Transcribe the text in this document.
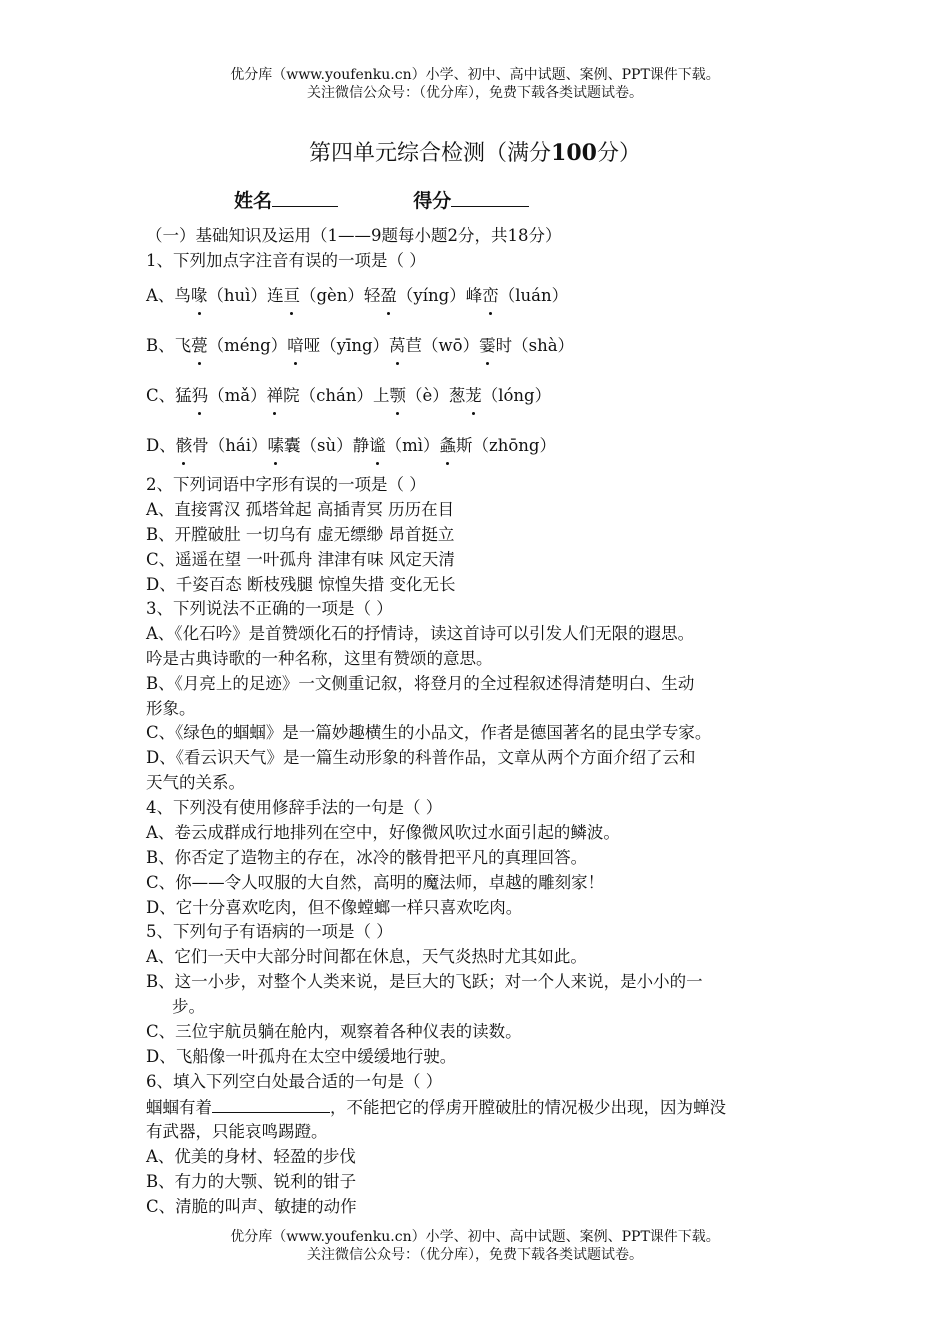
优分库（www.youfenku.cn）小学、初中、高中试题、案例、PPT课件下载。
关注微信公众号：（优分库），免费下载各类试题试卷。
第四单元综合检测（满分100分）
姓名	得分
（一）基础知识及运用（1——9题每小题2分，共18分）
1、下列加点字注音有误的一项是（ ）
A、鸟喙（huì）连亘（gèn）轻盈（yíng）峰峦（luán）
B、飞甍（méng）喑哑（yīng）莴苣（wō）霎时（shà）
C、猛犸（mǎ）禅院（chán）上颚（è）葱茏（lóng）
D、骸骨（hái）嗉囊（sù）静谧（mì）螽斯（zhōng）
2、下列词语中字形有误的一项是（ ）
A、直接霄汉 孤塔耸起 高插青冥 历历在目
B、开膛破肚 一切乌有 虚无缥缈 昂首挺立
C、遥遥在望 一叶孤舟 津津有味 风定天清
D、千姿百态 断枝残腿 惊惶失措 变化无长
3、下列说法不正确的一项是（ ）
A、《化石吟》是首赞颂化石的抒情诗，读这首诗可以引发人们无限的遐思。
吟是古典诗歌的一种名称，这里有赞颂的意思。
B、《月亮上的足迹》一文侧重记叙，将登月的全过程叙述得清楚明白、生动
形象。
C、《绿色的蝈蝈》是一篇妙趣横生的小品文，作者是德国著名的昆虫学专家。
D、《看云识天气》是一篇生动形象的科普作品，文章从两个方面介绍了云和
天气的关系。
4、下列没有使用修辞手法的一句是（ ）
A、卷云成群成行地排列在空中，好像微风吹过水面引起的鳞波。
B、你否定了造物主的存在，冰冷的骸骨把平凡的真理回答。
C、你——令人叹服的大自然，高明的魔法师，卓越的雕刻家！
D、它十分喜欢吃肉，但不像螳螂一样只喜欢吃肉。
5、下列句子有语病的一项是（ ）
A、它们一天中大部分时间都在休息，天气炎热时尤其如此。
B、这一小步，对整个人类来说，是巨大的飞跃；对一个人来说，是小小的一
步。
C、三位宇航员躺在舱内，观察着各种仪表的读数。
D、飞船像一叶孤舟在太空中缓缓地行驶。
6、填入下列空白处最合适的一句是（ ）
蝈蝈有着	，不能把它的俘虏开膛破肚的情况极少出现，因为蝉没
有武器，只能哀鸣踢蹬。
A、优美的身材、轻盈的步伐
B、有力的大颚、锐利的钳子
C、清脆的叫声、敏捷的动作
优分库（www.youfenku.cn）小学、初中、高中试题、案例、PPT课件下载。
关注微信公众号：（优分库），免费下载各类试题试卷。
